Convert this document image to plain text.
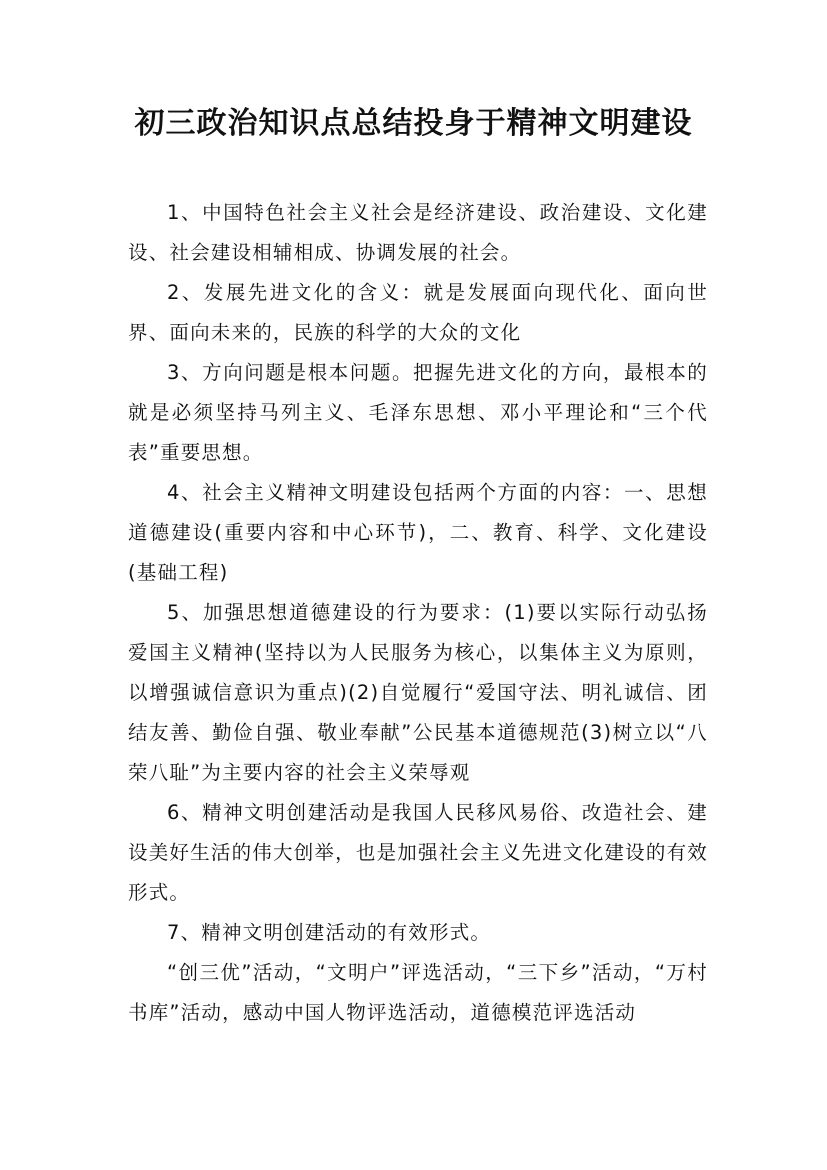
初三政治知识点总结投身于精神文明建设

1、中国特色社会主义社会是经济建设、政治建设、文化建设、社会建设相辅相成、协调发展的社会。

2、发展先进文化的含义：就是发展面向现代化、面向世界、面向未来的，民族的科学的大众的文化

3、方向问题是根本问题。把握先进文化的方向，最根本的就是必须坚持马列主义、毛泽东思想、邓小平理论和“三个代表”重要思想。

4、社会主义精神文明建设包括两个方面的内容：一、思想道德建设(重要内容和中心环节)，二、教育、科学、文化建设(基础工程)

5、加强思想道德建设的行为要求：(1)要以实际行动弘扬爱国主义精神(坚持以为人民服务为核心，以集体主义为原则，以增强诚信意识为重点)(2)自觉履行“爱国守法、明礼诚信、团结友善、勤俭自强、敬业奉献”公民基本道德规范(3)树立以“八荣八耻”为主要内容的社会主义荣辱观

6、精神文明创建活动是我国人民移风易俗、改造社会、建设美好生活的伟大创举，也是加强社会主义先进文化建设的有效形式。

7、精神文明创建活动的有效形式。

“创三优”活动，“文明户”评选活动，“三下乡”活动，“万村书库”活动，感动中国人物评选活动，道德模范评选活动
